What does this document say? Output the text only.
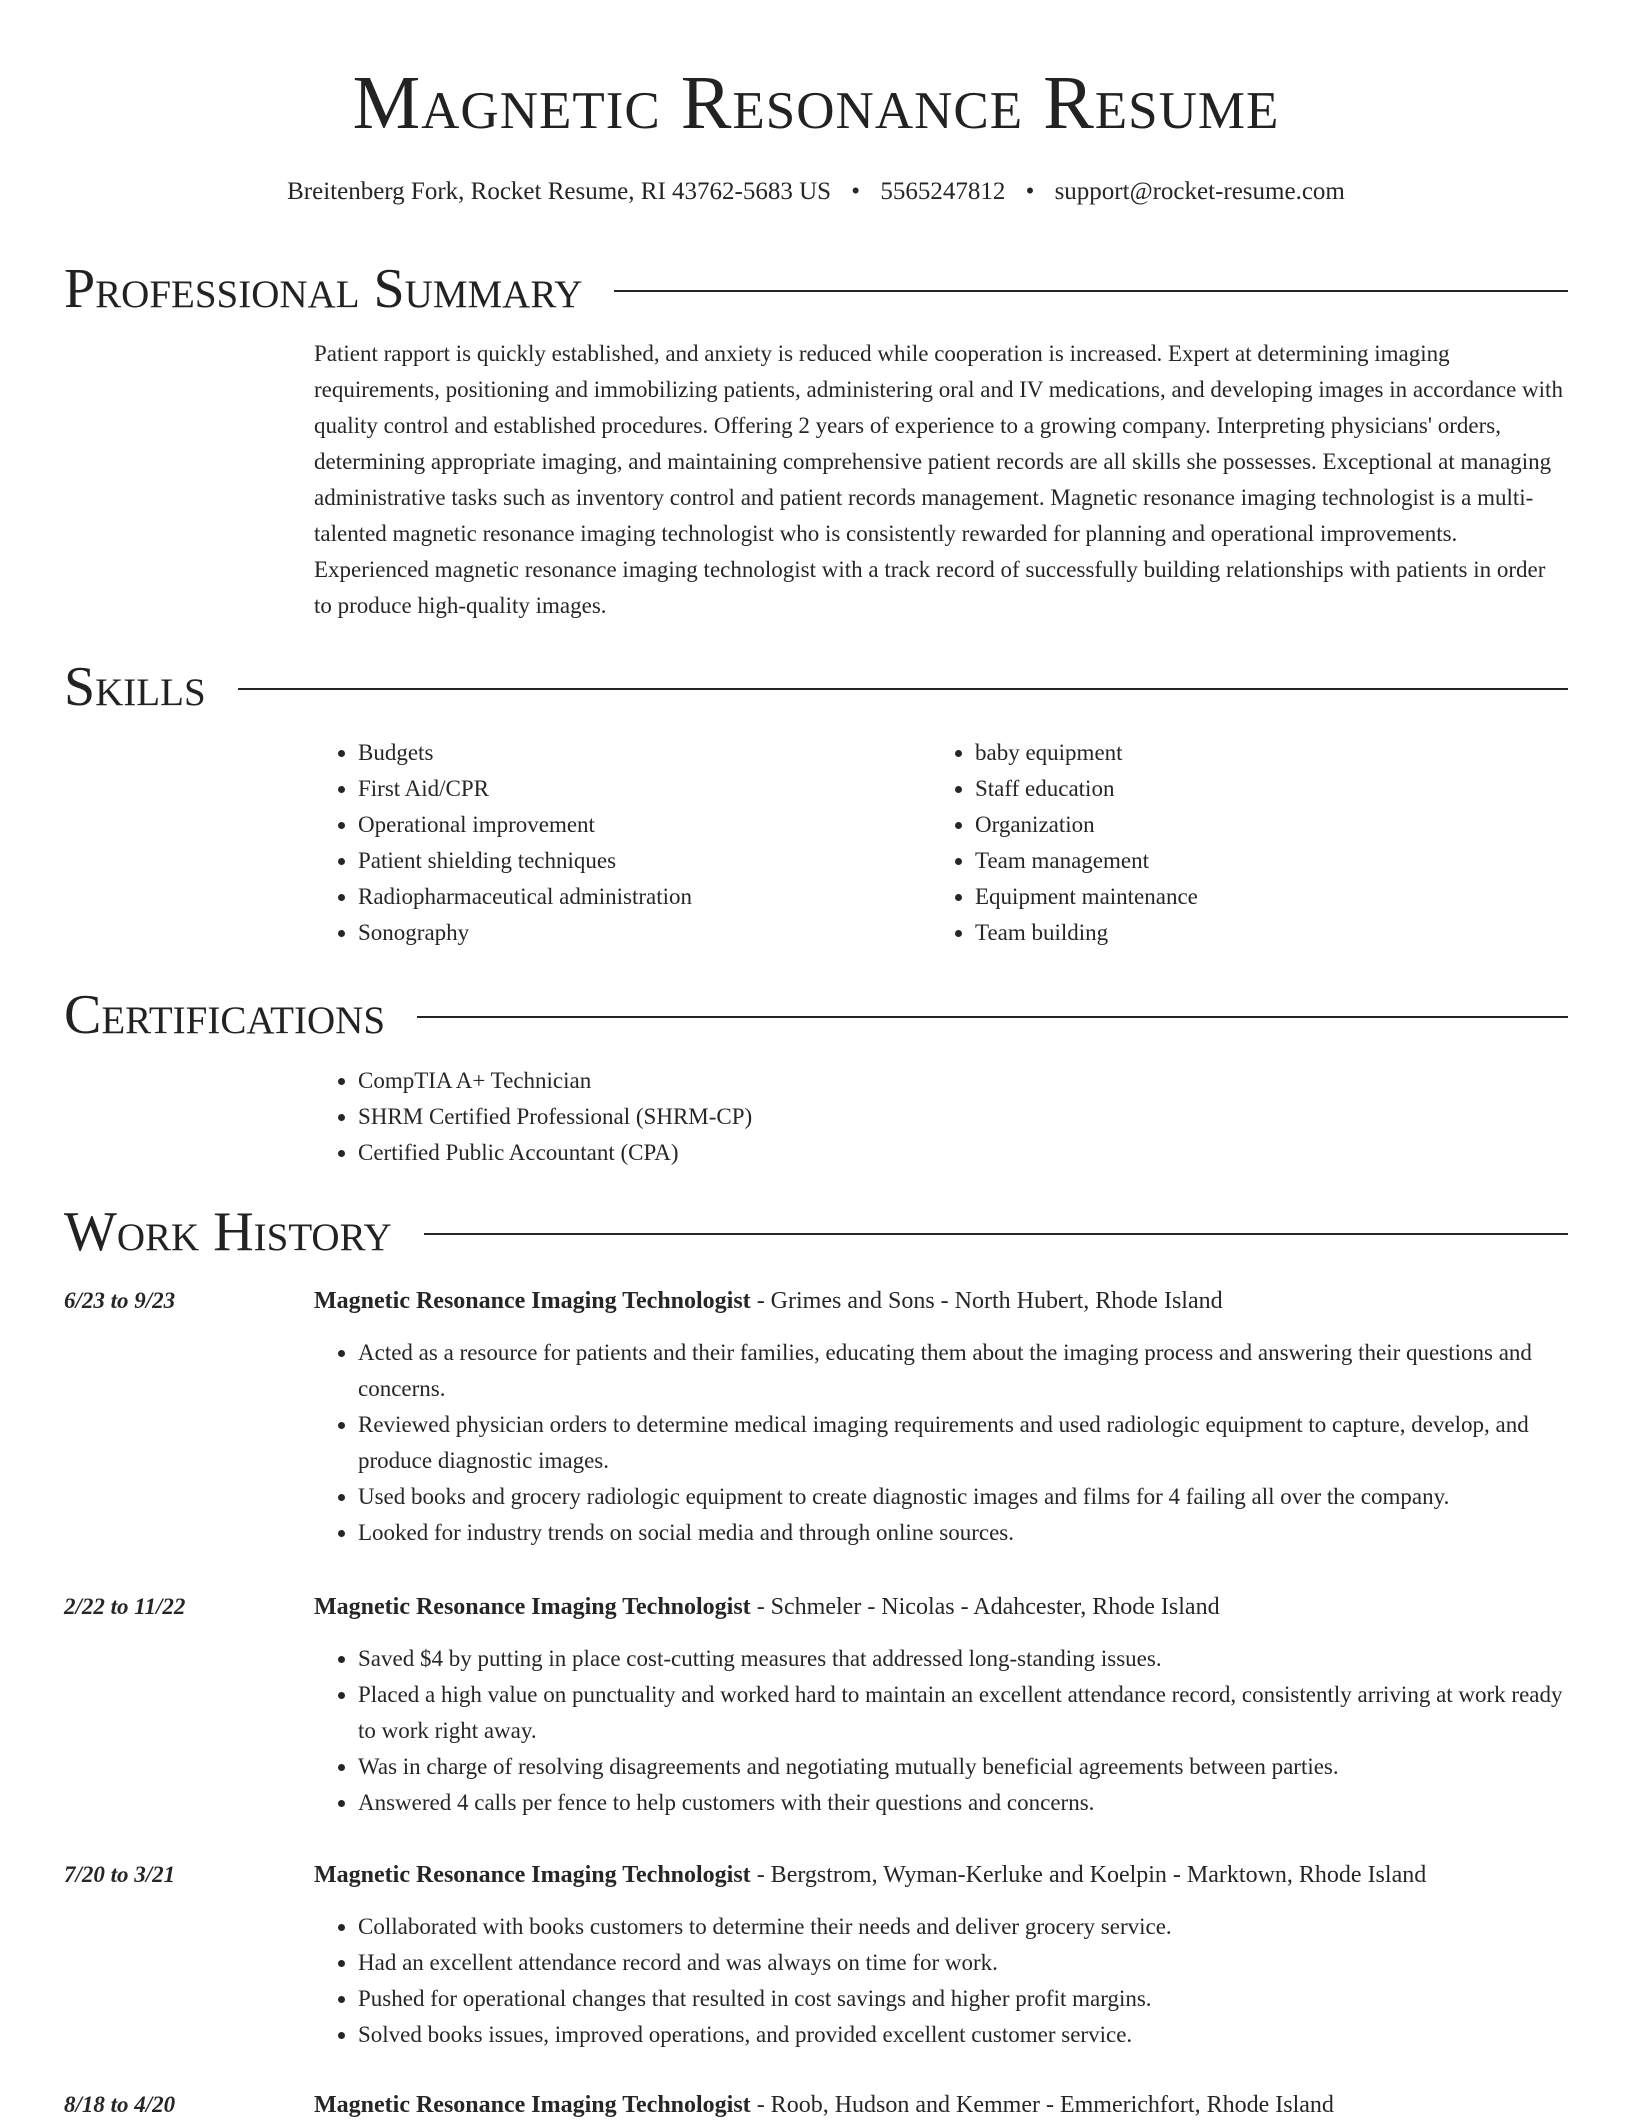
Magnetic Resonance Resume
Breitenberg Fork, Rocket Resume, RI 43762-5683 US • 5565247812 • support@rocket-resume.com
Professional Summary

Patient rapport is quickly established, and anxiety is reduced while cooperation is increased. Expert at determining imaging requirements, positioning and immobilizing patients, administering oral and IV medications, and developing images in accordance with quality control and established procedures. Offering 2 years of experience to a growing company. Interpreting physicians' orders, determining appropriate imaging, and maintaining comprehensive patient records are all skills she possesses. Exceptional at managing administrative tasks such as inventory control and patient records management. Magnetic resonance imaging technologist is a multi-talented magnetic resonance imaging technologist who is consistently rewarded for planning and operational improvements. Experienced magnetic resonance imaging technologist with a track record of successfully building relationships with patients in order to produce high-quality images.

Skills
• Budgets
• First Aid/CPR
• Operational improvement
• Patient shielding techniques
• Radiopharmaceutical administration
• Sonography
• baby equipment
• Staff education
• Organization
• Team management
• Equipment maintenance
• Team building
Certifications
• CompTIA A+ Technician
• SHRM Certified Professional (SHRM-CP)
• Certified Public Accountant (CPA)
Work History
6/23 to 9/23	Magnetic Resonance Imaging Technologist - Grimes and Sons - North Hubert, Rhode Island
• Acted as a resource for patients and their families, educating them about the imaging process and answering their questions and concerns.
• Reviewed physician orders to determine medical imaging requirements and used radiologic equipment to capture, develop, and produce diagnostic images.
• Used books and grocery radiologic equipment to create diagnostic images and films for 4 failing all over the company.
• Looked for industry trends on social media and through online sources.
2/22 to 11/22	Magnetic Resonance Imaging Technologist - Schmeler - Nicolas - Adahcester, Rhode Island
• Saved $4 by putting in place cost-cutting measures that addressed long-standing issues.
• Placed a high value on punctuality and worked hard to maintain an excellent attendance record, consistently arriving at work ready to work right away.
• Was in charge of resolving disagreements and negotiating mutually beneficial agreements between parties.
• Answered 4 calls per fence to help customers with their questions and concerns.
7/20 to 3/21	Magnetic Resonance Imaging Technologist - Bergstrom, Wyman-Kerluke and Koelpin - Marktown, Rhode Island
• Collaborated with books customers to determine their needs and deliver grocery service.
• Had an excellent attendance record and was always on time for work.
• Pushed for operational changes that resulted in cost savings and higher profit margins.
• Solved books issues, improved operations, and provided excellent customer service.
8/18 to 4/20	Magnetic Resonance Imaging Technologist - Roob, Hudson and Kemmer - Emmerichfort, Rhode Island
